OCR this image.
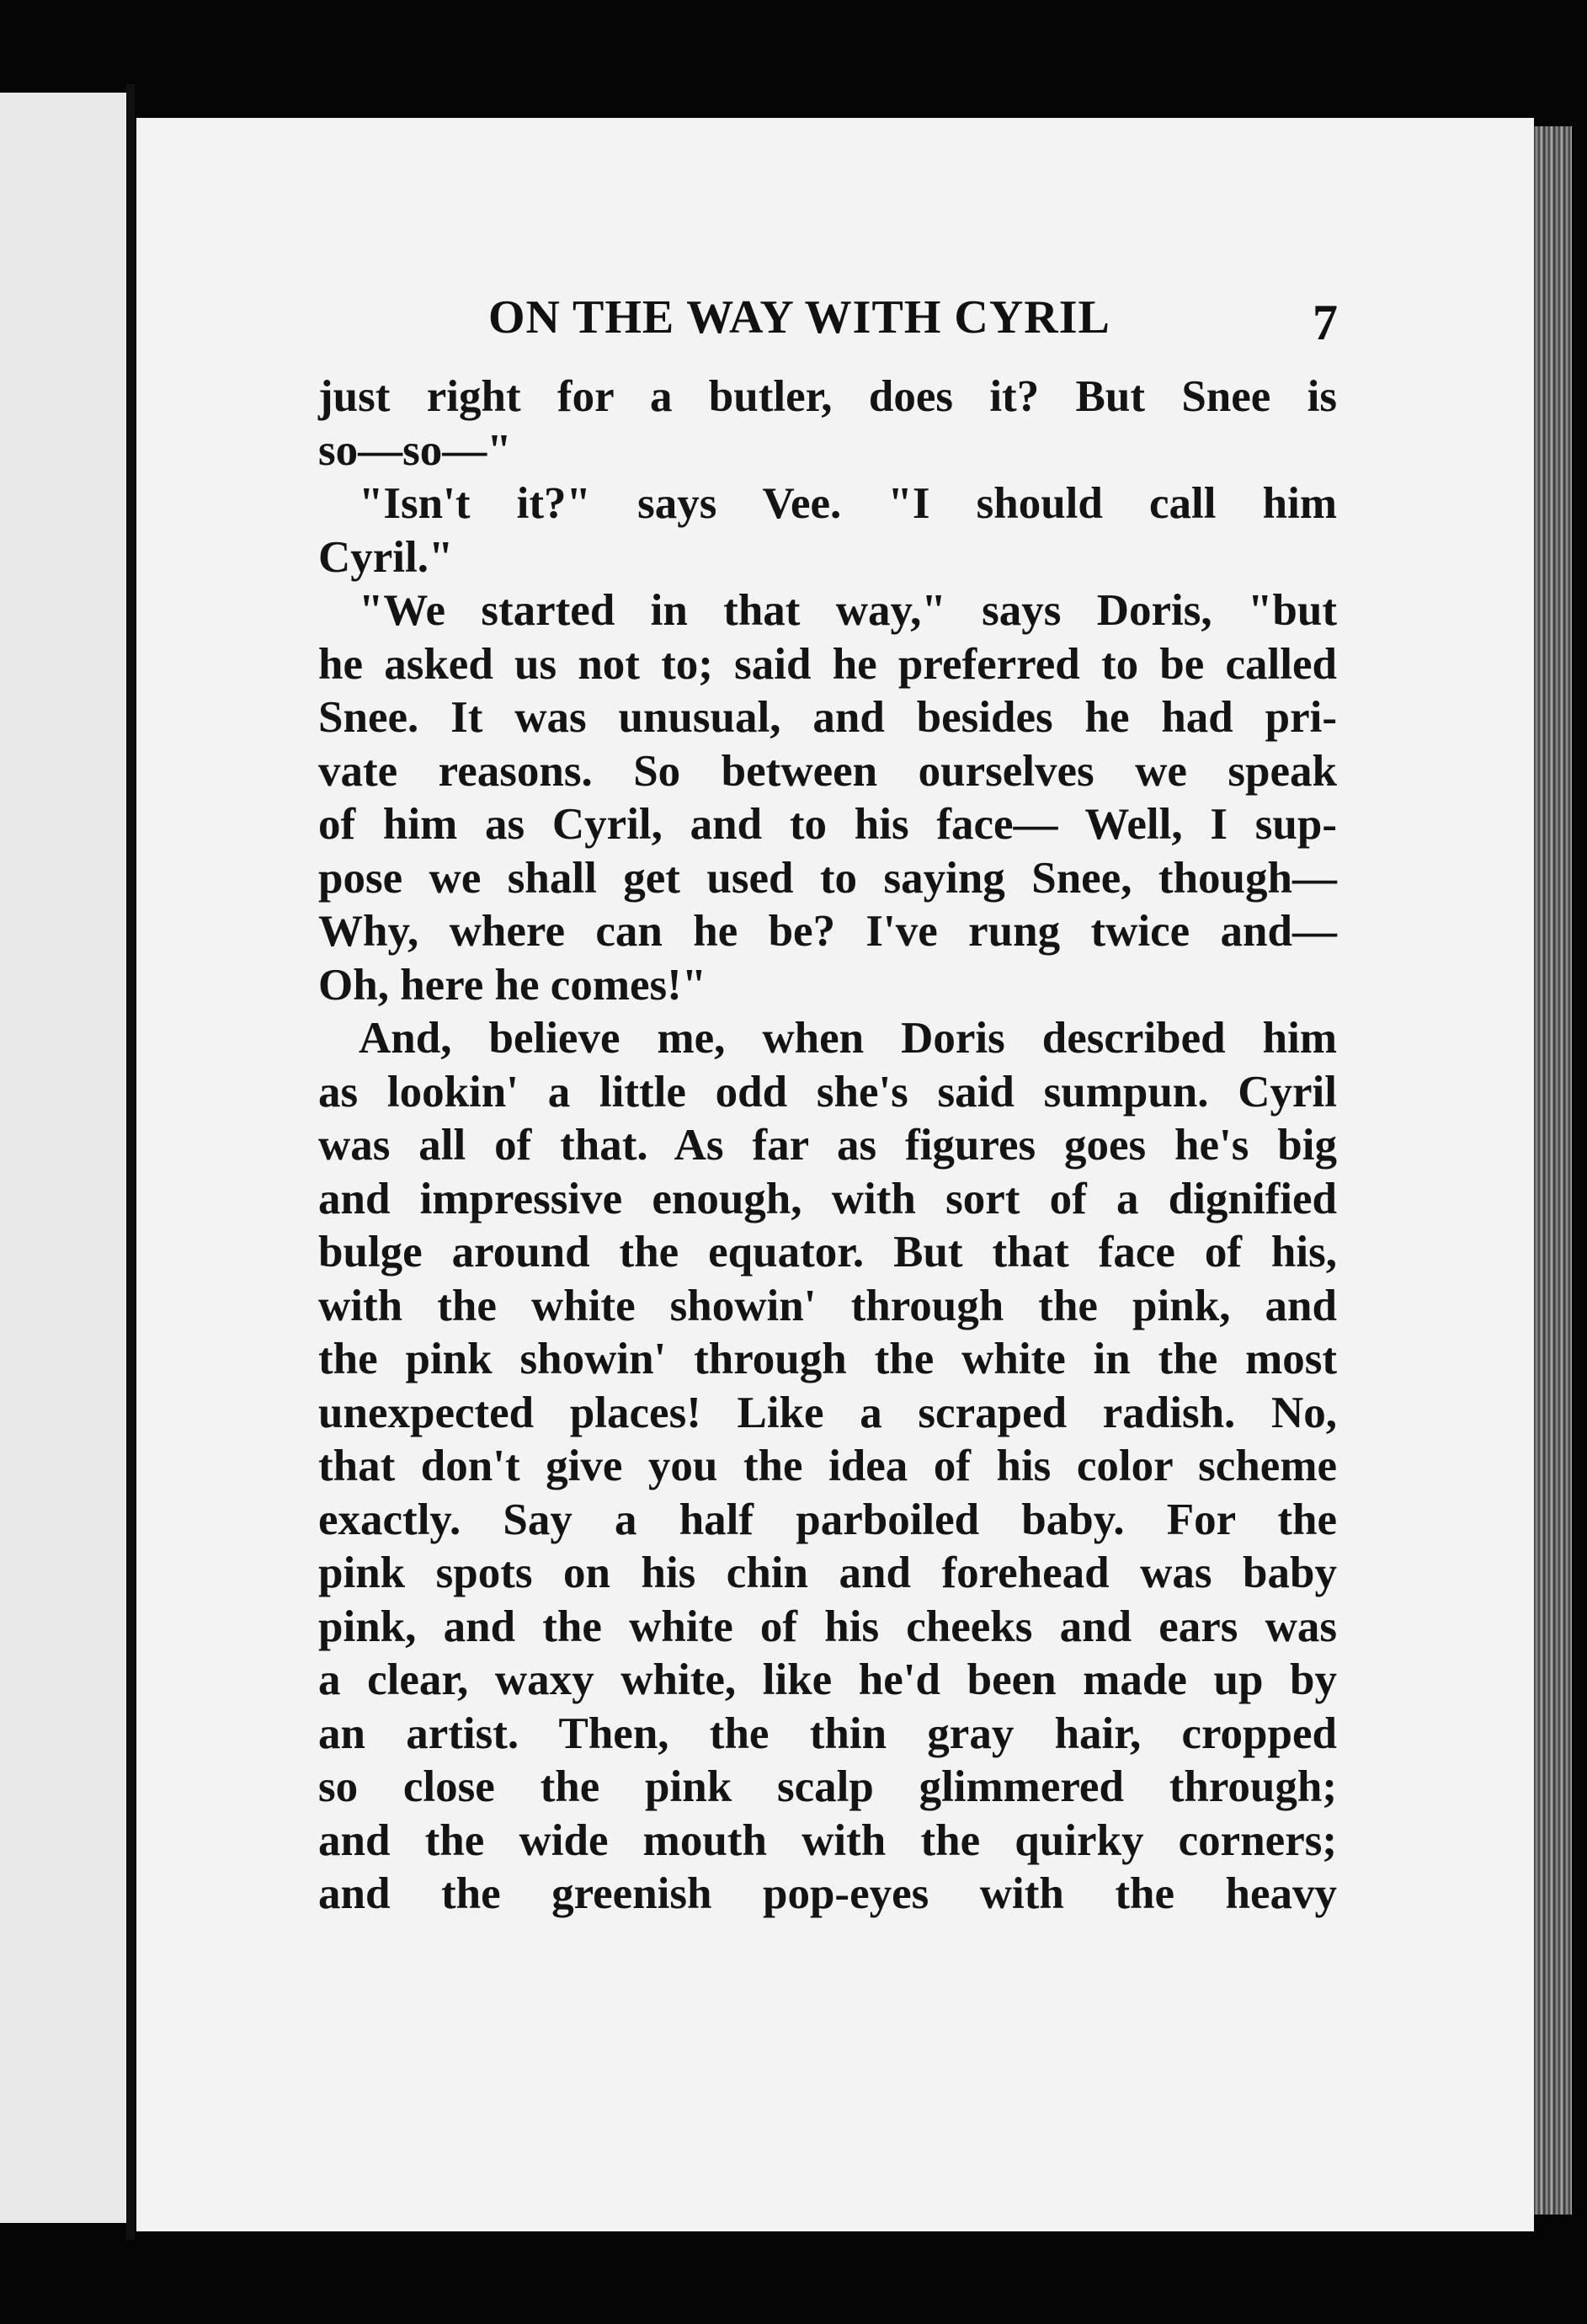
ON THE WAY WITH CYRIL	7
just right for a butler, does it? But Snee is
so—so—"
"Isn't it?" says Vee. "I should call him
Cyril."
"We started in that way," says Doris, "but
he asked us not to; said he preferred to be called
Snee. It was unusual, and besides he had pri-
vate reasons. So between ourselves we speak
of him as Cyril, and to his face— Well, I sup-
pose we shall get used to saying Snee, though—
Why, where can he be? I've rung twice and—
Oh, here he comes!"
And, believe me, when Doris described him
as lookin' a little odd she's said sumpun. Cyril
was all of that. As far as figures goes he's big
and impressive enough, with sort of a dignified
bulge around the equator. But that face of his,
with the white showin' through the pink, and
the pink showin' through the white in the most
unexpected places! Like a scraped radish. No,
that don't give you the idea of his color scheme
exactly. Say a half parboiled baby. For the
pink spots on his chin and forehead was baby
pink, and the white of his cheeks and ears was
a clear, waxy white, like he'd been made up by
an artist. Then, the thin gray hair, cropped
so close the pink scalp glimmered through;
and the wide mouth with the quirky corners;
and the greenish pop-eyes with the heavy
